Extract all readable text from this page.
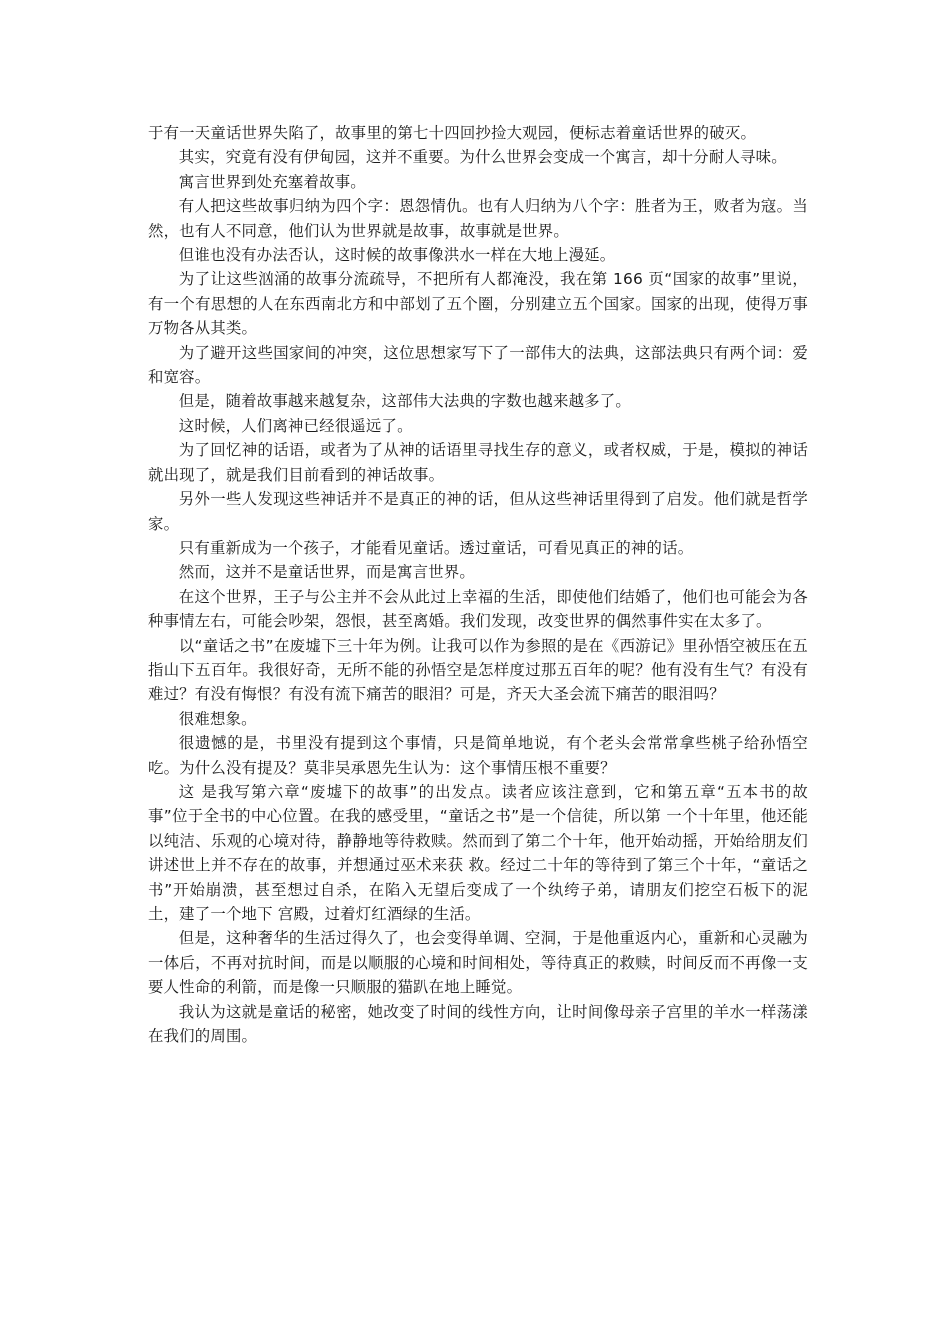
于有一天童话世界失陷了，故事里的第七十四回抄捡大观园，便标志着童话世界的破灭。

其实，究竟有没有伊甸园，这并不重要。为什么世界会变成一个寓言，却十分耐人寻味。

寓言世界到处充塞着故事。

有人把这些故事归纳为四个字：恩怨情仇。也有人归纳为八个字：胜者为王，败者为寇。当然，也有人不同意，他们认为世界就是故事，故事就是世界。

但谁也没有办法否认，这时候的故事像洪水一样在大地上漫延。

为了让这些汹涌的故事分流疏导，不把所有人都淹没，我在第 166 页“国家的故事”里说，有一个有思想的人在东西南北方和中部划了五个圈，分别建立五个国家。国家的出现，使得万事万物各从其类。

为了避开这些国家间的冲突，这位思想家写下了一部伟大的法典，这部法典只有两个词：爱和宽容。

但是，随着故事越来越复杂，这部伟大法典的字数也越来越多了。

这时候，人们离神已经很遥远了。

为了回忆神的话语，或者为了从神的话语里寻找生存的意义，或者权威，于是，模拟的神话就出现了，就是我们目前看到的神话故事。

另外一些人发现这些神话并不是真正的神的话，但从这些神话里得到了启发。他们就是哲学家。

只有重新成为一个孩子，才能看见童话。透过童话，可看见真正的神的话。

然而，这并不是童话世界，而是寓言世界。

在这个世界，王子与公主并不会从此过上幸福的生活，即使他们结婚了，他们也可能会为各种事情左右，可能会吵架，怨恨，甚至离婚。我们发现，改变世界的偶然事件实在太多了。

以“童话之书”在废墟下三十年为例。让我可以作为参照的是在《西游记》里孙悟空被压在五指山下五百年。我很好奇，无所不能的孙悟空是怎样度过那五百年的呢？他有没有生气？有没有难过？有没有悔恨？有没有流下痛苦的眼泪？可是，齐天大圣会流下痛苦的眼泪吗？

很难想象。

很遗憾的是，书里没有提到这个事情，只是简单地说，有个老头会常常拿些桃子给孙悟空吃。为什么没有提及？莫非吴承恩先生认为：这个事情压根不重要？

这 是我写第六章“废墟下的故事”的出发点。读者应该注意到，它和第五章“五本书的故事”位于全书的中心位置。在我的感受里，“童话之书”是一个信徒，所以第 一个十年里，他还能以纯洁、乐观的心境对待，静静地等待救赎。然而到了第二个十年，他开始动摇，开始给朋友们讲述世上并不存在的故事，并想通过巫术来获 救。经过二十年的等待到了第三个十年，“童话之书”开始崩溃，甚至想过自杀，在陷入无望后变成了一个纨绔子弟，请朋友们挖空石板下的泥土，建了一个地下 宫殿，过着灯红酒绿的生活。

但是，这种奢华的生活过得久了，也会变得单调、空洞，于是他重返内心，重新和心灵融为一体后，不再对抗时间，而是以顺服的心境和时间相处，等待真正的救赎，时间反而不再像一支要人性命的利箭，而是像一只顺服的猫趴在地上睡觉。

我认为这就是童话的秘密，她改变了时间的线性方向，让时间像母亲子宫里的羊水一样荡漾在我们的周围。
